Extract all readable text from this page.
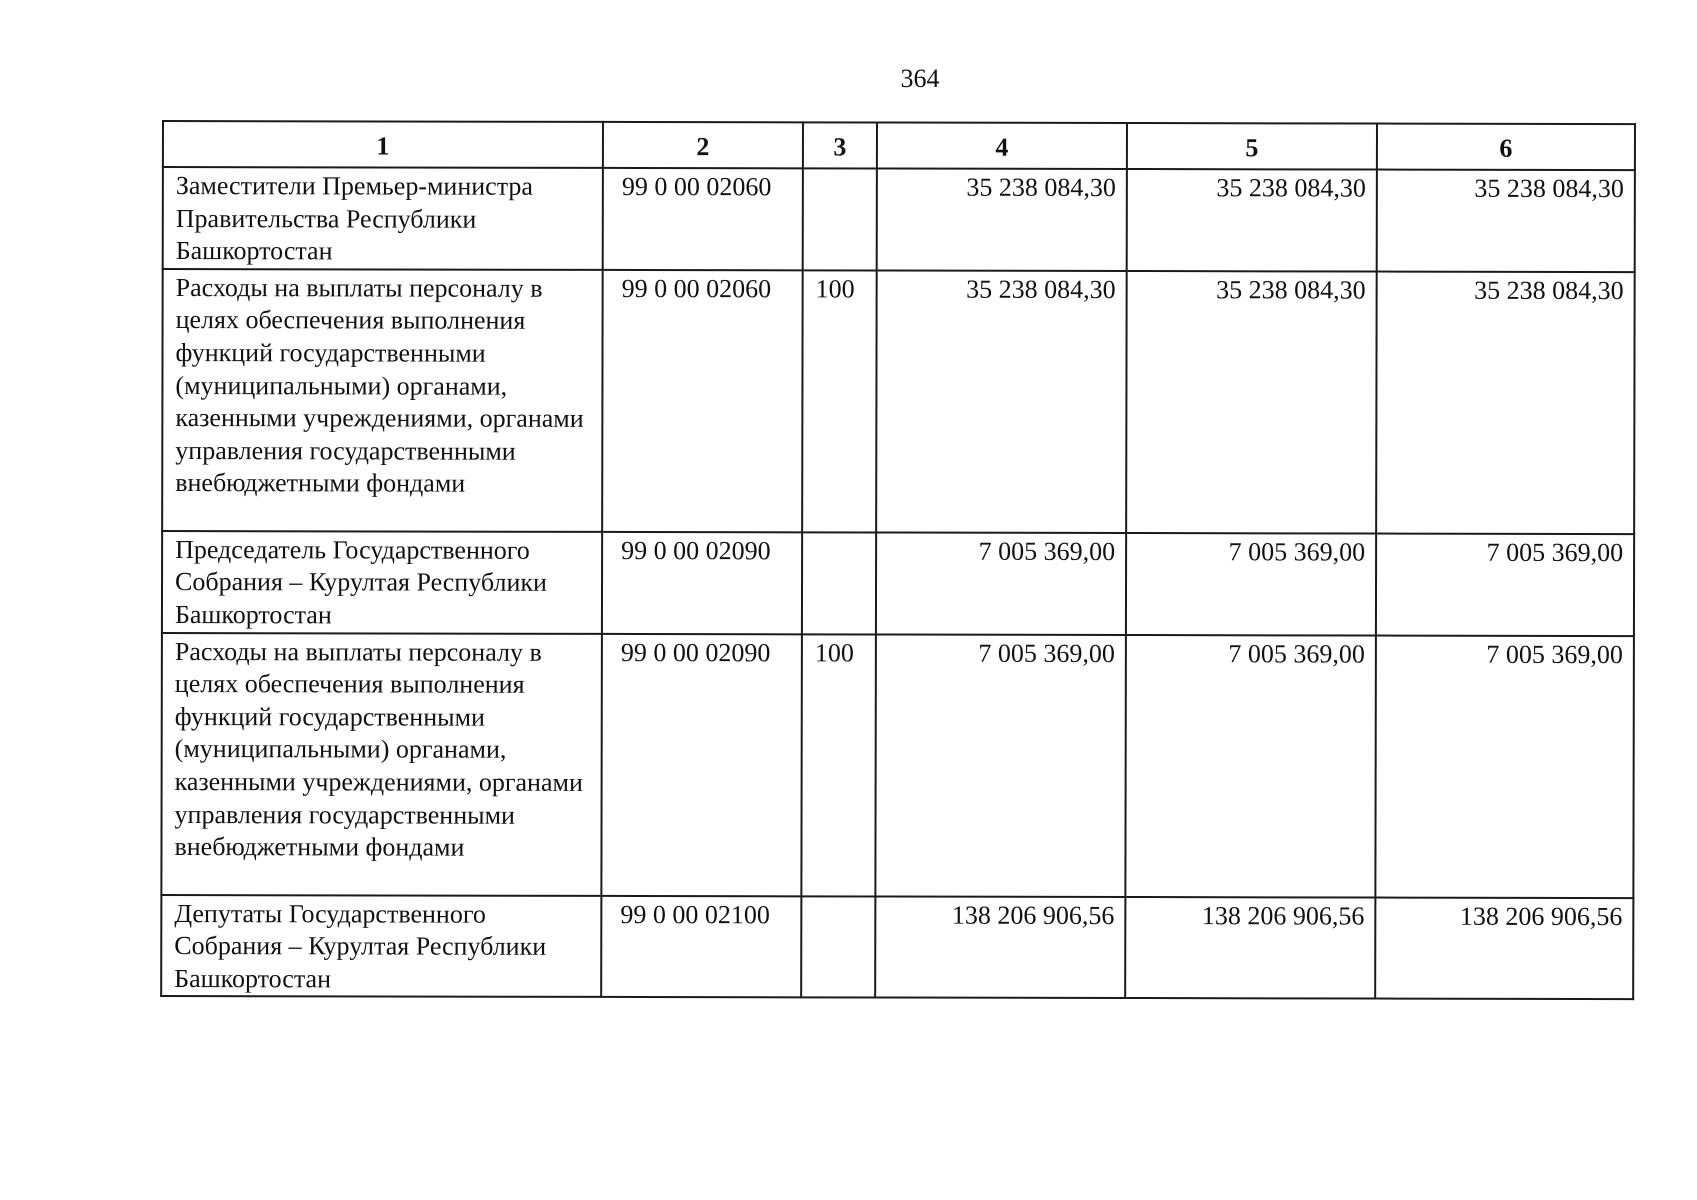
364
1	2	3	4	5	6
Заместители Премьер-министра Правительства Республики Башкортостан	99 0 00 02060		35 238 084,30	35 238 084,30	35 238 084,30
Расходы на выплаты персоналу в целях обеспечения выполнения функций государственными (муниципальными) органами, казенными учреждениями, органами управления государственными внебюджетными фондами	99 0 00 02060	100	35 238 084,30	35 238 084,30	35 238 084,30
Председатель Государственного Собрания – Курултая Республики Башкортостан	99 0 00 02090		7 005 369,00	7 005 369,00	7 005 369,00
Расходы на выплаты персоналу в целях обеспечения выполнения функций государственными (муниципальными) органами, казенными учреждениями, органами управления государственными внебюджетными фондами	99 0 00 02090	100	7 005 369,00	7 005 369,00	7 005 369,00
Депутаты Государственного Собрания – Курултая Республики Башкортостан	99 0 00 02100		138 206 906,56	138 206 906,56	138 206 906,56
